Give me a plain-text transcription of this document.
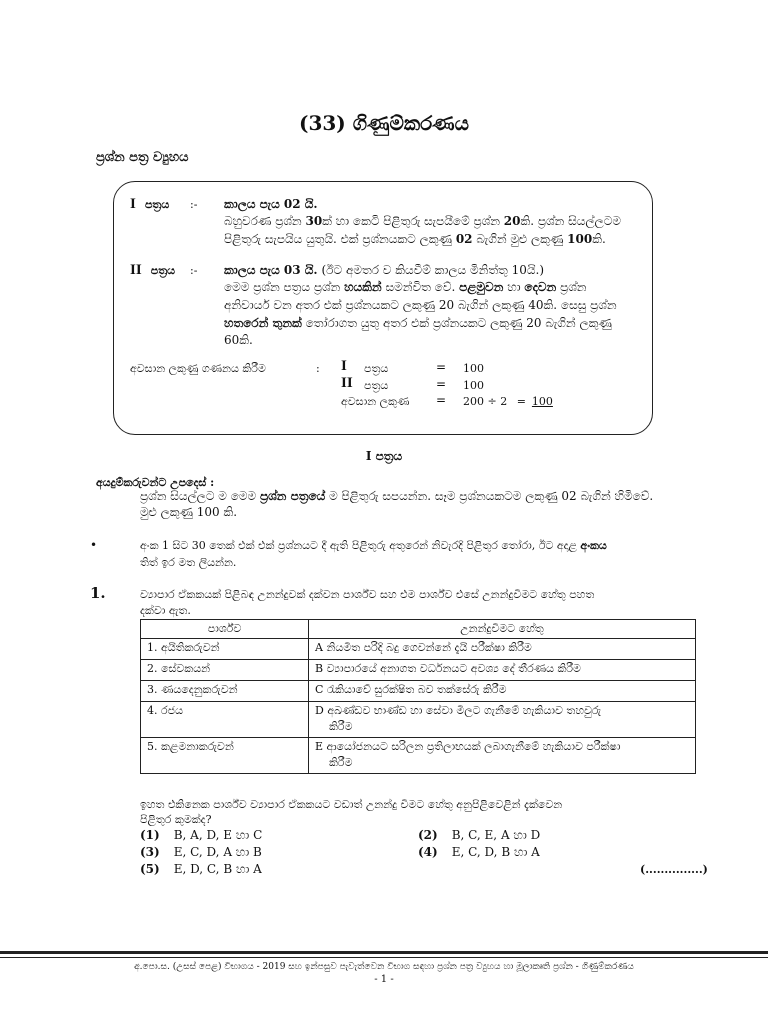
(33) ගිණුම්කරණය
ප්‍රශ්න පත්‍ර ව්‍යුහය
I පත්‍රය :- කාලය පැය 02 යි.
බහුවරණ ප්‍රශ්න 30ක් හා කෙටි පිළිතුරු සැපයීමේ ප්‍රශ්න 20කි. ප්‍රශ්න සියල්ලටම
පිළිතුරු සැපයිය යුතුයි. එක් ප්‍රශ්නයකට ලකුණු 02 බැගින් මුළු ලකුණු 100කි.
II පත්‍රය :- කාලය පැය 03 යි. (ඊට අමතර ව කියවීම් කාලය මිනිත්තු 10යි.)
මෙම ප්‍රශ්න පත්‍රය ප්‍රශ්න හයකින් සමන්විත වේ. පළමුවන හා දෙවන ප්‍රශ්න
අනිවාර්ය වන අතර එක් ප්‍රශ්නයකට ලකුණු 20 බැගින් ලකුණු 40කි. සෙසු ප්‍රශ්න
හතරෙන් තුනක් තෝරාගත යුතු අතර එක් ප්‍රශ්නයකට ලකුණු 20 බැගින් ලකුණු
60කි.
අවසාන ලකුණු ගණනය කිරීම	: I පත්‍රය	= 100
II පත්‍රය	= 100
අවසාන ලකුණ = 200 ÷ 2 = 100
I පත්‍රය
අයදුම්කරුවන්ට උපදෙස් :
ප්‍රශ්න සියල්ලට ම මෙම ප්‍රශ්න පත්‍රයේ ම පිළිතුරු සපයන්න. සෑම ප්‍රශ්නයකටම ලකුණු 02 බැගින් හිමිවේ.
මුළු ලකුණු 100 කි.
•	අංක 1 සිට 30 තෙක් එක් එක් ප්‍රශ්නයට දී ඇති පිළිතුරු අතුරෙන් නිවැරදි පිළිතුර තෝරා, ඊට අදාළ අංකය
තිත් ඉර මත ලියන්න.
1.	ව්‍යාපාර ඒකකයක් පිළිබඳ උනන්දුවක් දක්වන පාර්ශ්ව සහ එම පාර්ශ්ව එසේ උනන්දුවීමට හේතු පහත
දක්වා ඇත.
පාර්ශ්ව	උනන්දුවීමට හේතු
1. අයිතිකරුවන්	A නියමිත පරිදි බදු ගෙවන්නේ දැයි පරීක්ෂා කිරීම

2. සේවකයන්	B ව්‍යාපාරයේ අනාගත වර්ධනයට අවශ්‍ය දේ තීරණය කිරීම

3. ණයදෙනුකරුවන්	C රැකියාවේ සුරක්ෂිත බව තක්සේරු කිරීම

4. රජය	D අඛණ්ඩව භාණ්ඩ හා සේවා මිලට ගැනීමේ හැකියාව තහවුරු
කිරීම

5. කළමනාකරුවන්	E ආයෝජනයට සරිලන ප්‍රතිලාභයක් ලබාගැනීමේ හැකියාව පරීක්ෂා
කිරීම
ඉහත එකිනෙක පාර්ශ්ව ව්‍යාපාර ඒකකයට වඩාත් උනන්දු වීමට හේතු අනුපිළිවෙළින් දැක්වෙන
පිළිතුර කුමක්ද?
(1) B, A, D, E හා C	(2) B, C, E, A හා D
(3) E, C, D, A හා B	(4) E, C, D, B හා A
(5) E, D, C, B හා A	(...............)
අ.පො.ස. (උසස් පෙළ) විභාගය - 2019 සහ ඉන්පසුව පැවැත්වෙන විභාග සඳහා ප්‍රශ්න පත්‍ර ව්‍යුහය හා මූලාකෘති ප්‍රශ්න - ගිණුම්කරණය
- 1 -
